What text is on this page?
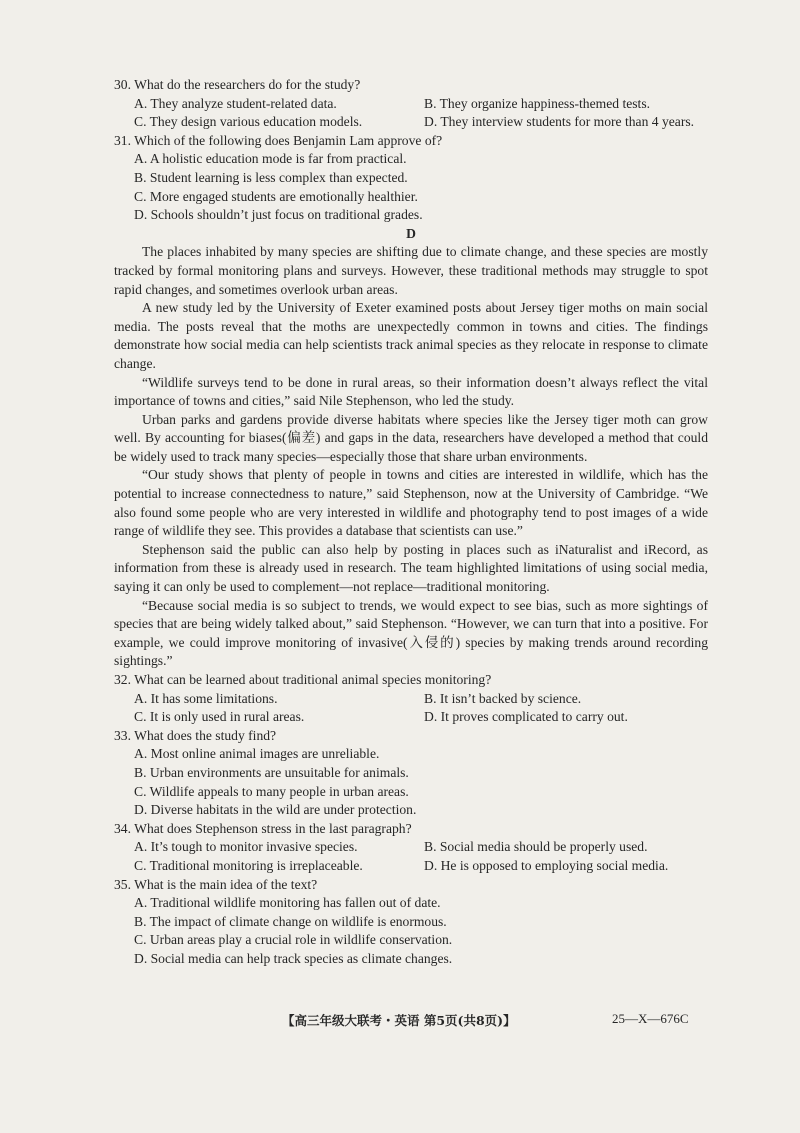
30. What do the researchers do for the study?

A. They analyze student-related data.	B. They organize happiness-themed tests.
C. They design various education models.	D. They interview students for more than 4 years.

31. Which of the following does Benjamin Lam approve of?

A. A holistic education mode is far from practical.
B. Student learning is less complex than expected.
C. More engaged students are emotionally healthier.
D. Schools shouldn’t just focus on traditional grades.

D

The places inhabited by many species are shifting due to climate change, and these species are mostly tracked by formal monitoring plans and surveys. However, these traditional methods may struggle to spot rapid changes, and sometimes overlook urban areas.

A new study led by the University of Exeter examined posts about Jersey tiger moths on main social media. The posts reveal that the moths are unexpectedly common in towns and cities. The findings demonstrate how social media can help scientists track animal species as they relocate in response to climate change.

“Wildlife surveys tend to be done in rural areas, so their information doesn’t always reflect the vital importance of towns and cities,” said Nile Stephenson, who led the study.

Urban parks and gardens provide diverse habitats where species like the Jersey tiger moth can grow well. By accounting for biases(偏差) and gaps in the data, researchers have developed a method that could be widely used to track many species—especially those that share urban environments.

“Our study shows that plenty of people in towns and cities are interested in wildlife, which has the potential to increase connectedness to nature,” said Stephenson, now at the University of Cambridge. “We also found some people who are very interested in wildlife and photography tend to post images of a wide range of wildlife they see. This provides a database that scientists can use.”

Stephenson said the public can also help by posting in places such as iNaturalist and iRecord, as information from these is already used in research. The team highlighted limitations of using social media, saying it can only be used to complement—not replace—traditional monitoring.

“Because social media is so subject to trends, we would expect to see bias, such as more sightings of species that are being widely talked about,” said Stephenson. “However, we can turn that into a positive. For example, we could improve monitoring of invasive(入侵的) species by making trends around recording sightings.”

32. What can be learned about traditional animal species monitoring?

A. It has some limitations.	B. It isn’t backed by science.
C. It is only used in rural areas.	D. It proves complicated to carry out.

33. What does the study find?

A. Most online animal images are unreliable.
B. Urban environments are unsuitable for animals.
C. Wildlife appeals to many people in urban areas.
D. Diverse habitats in the wild are under protection.

34. What does Stephenson stress in the last paragraph?

A. It’s tough to monitor invasive species.	B. Social media should be properly used.
C. Traditional monitoring is irreplaceable.	D. He is opposed to employing social media.

35. What is the main idea of the text?

A. Traditional wildlife monitoring has fallen out of date.
B. The impact of climate change on wildlife is enormous.
C. Urban areas play a crucial role in wildlife conservation.
D. Social media can help track species as climate changes.
【高三年级大联考・英语 第5页(共8页)】	25—X—676C
